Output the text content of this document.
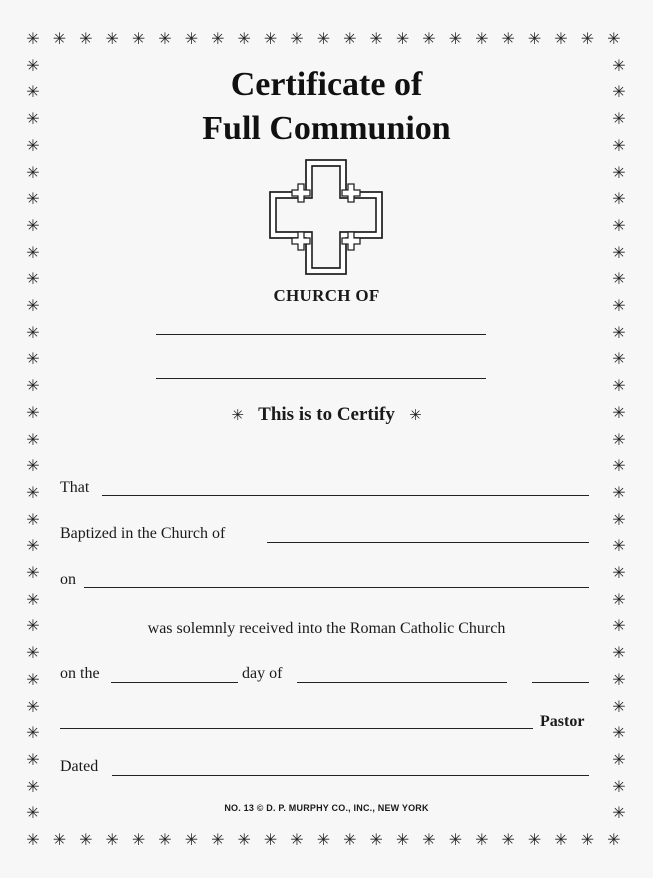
✳
✳
✳
✳
✳
✳
✳
✳
✳
✳
✳
✳
✳
✳
✳
✳
✳
✳
✳
✳
✳
✳
✳
✳
✳
✳
✳
✳
✳
✳
✳
✳
✳
✳
✳
✳
✳
✳
✳
✳
✳
✳
✳
✳
✳
✳
✳	✳
✳	✳
✳	✳
✳	✳
✳	✳
✳	✳
✳	✳
✳	✳
✳	✳
✳	✳
✳	✳
✳	✳
✳	✳
✳	✳
✳	✳
✳	✳
✳	✳
✳	✳
✳	✳
✳	✳
✳	✳
✳	✳
✳	✳
✳	✳
✳	✳
✳	✳
✳	✳
✳	✳
✳	✳
Certificate of
Full Communion
CHURCH OF
✳ This is to Certify ✳
That
Baptized in the Church of
on
was solemnly received into the Roman Catholic Church
on the	day of
Pastor
Dated
NO. 13 © D. P. MURPHY CO., INC., NEW YORK
